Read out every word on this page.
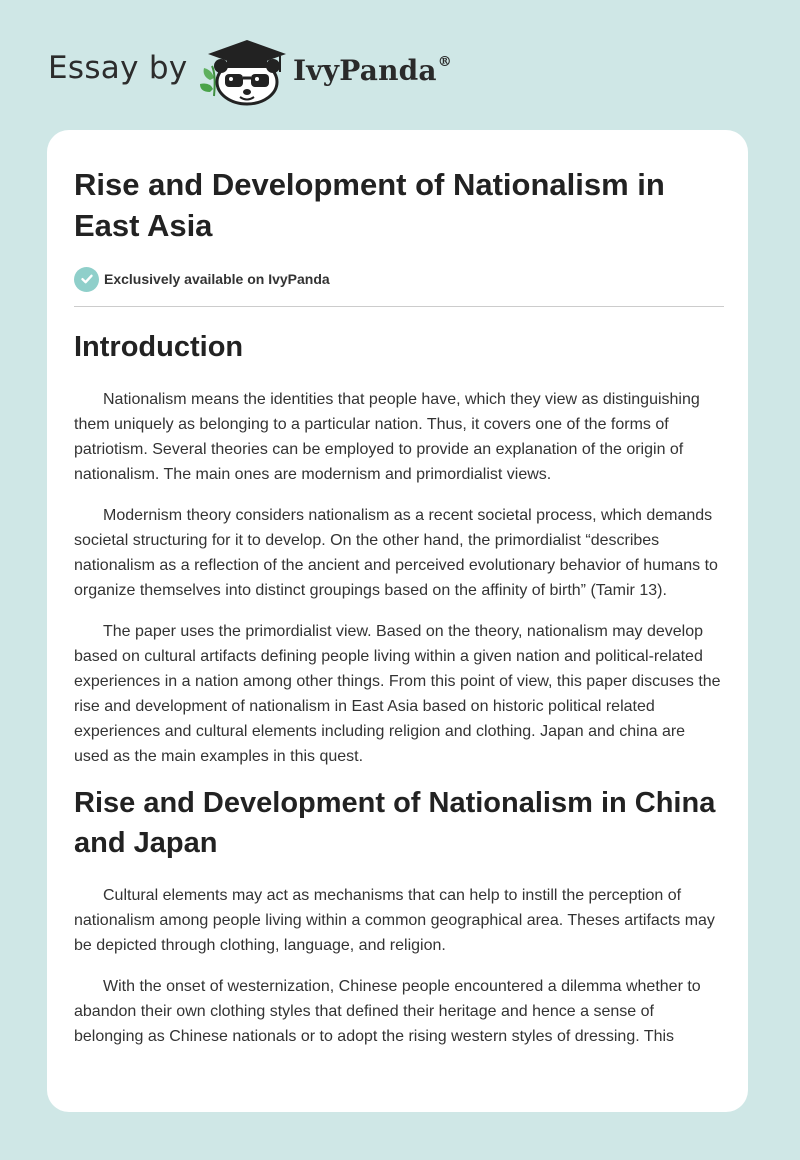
Essay by	IvyPanda®
Rise and Development of Nationalism in East Asia
Exclusively available on IvyPanda
Introduction

Nationalism means the identities that people have, which they view as distinguishing them uniquely as belonging to a particular nation. Thus, it covers one of the forms of patriotism. Several theories can be employed to provide an explanation of the origin of nationalism. The main ones are modernism and primordialist views.

Modernism theory considers nationalism as a recent societal process, which demands societal structuring for it to develop. On the other hand, the primordialist “describes nationalism as a reflection of the ancient and perceived evolutionary behavior of humans to organize themselves into distinct groupings based on the affinity of birth” (Tamir 13).

The paper uses the primordialist view. Based on the theory, nationalism may develop based on cultural artifacts defining people living within a given nation and political-related experiences in a nation among other things. From this point of view, this paper discuses the rise and development of nationalism in East Asia based on historic political related experiences and cultural elements including religion and clothing. Japan and china are used as the main examples in this quest.

Rise and Development of Nationalism in China and Japan

Cultural elements may act as mechanisms that can help to instill the perception of nationalism among people living within a common geographical area. Theses artifacts may be depicted through clothing, language, and religion.

With the onset of westernization, Chinese people encountered a dilemma whether to abandon their own clothing styles that defined their heritage and hence a sense of belonging as Chinese nationals or to adopt the rising western styles of dressing. This
